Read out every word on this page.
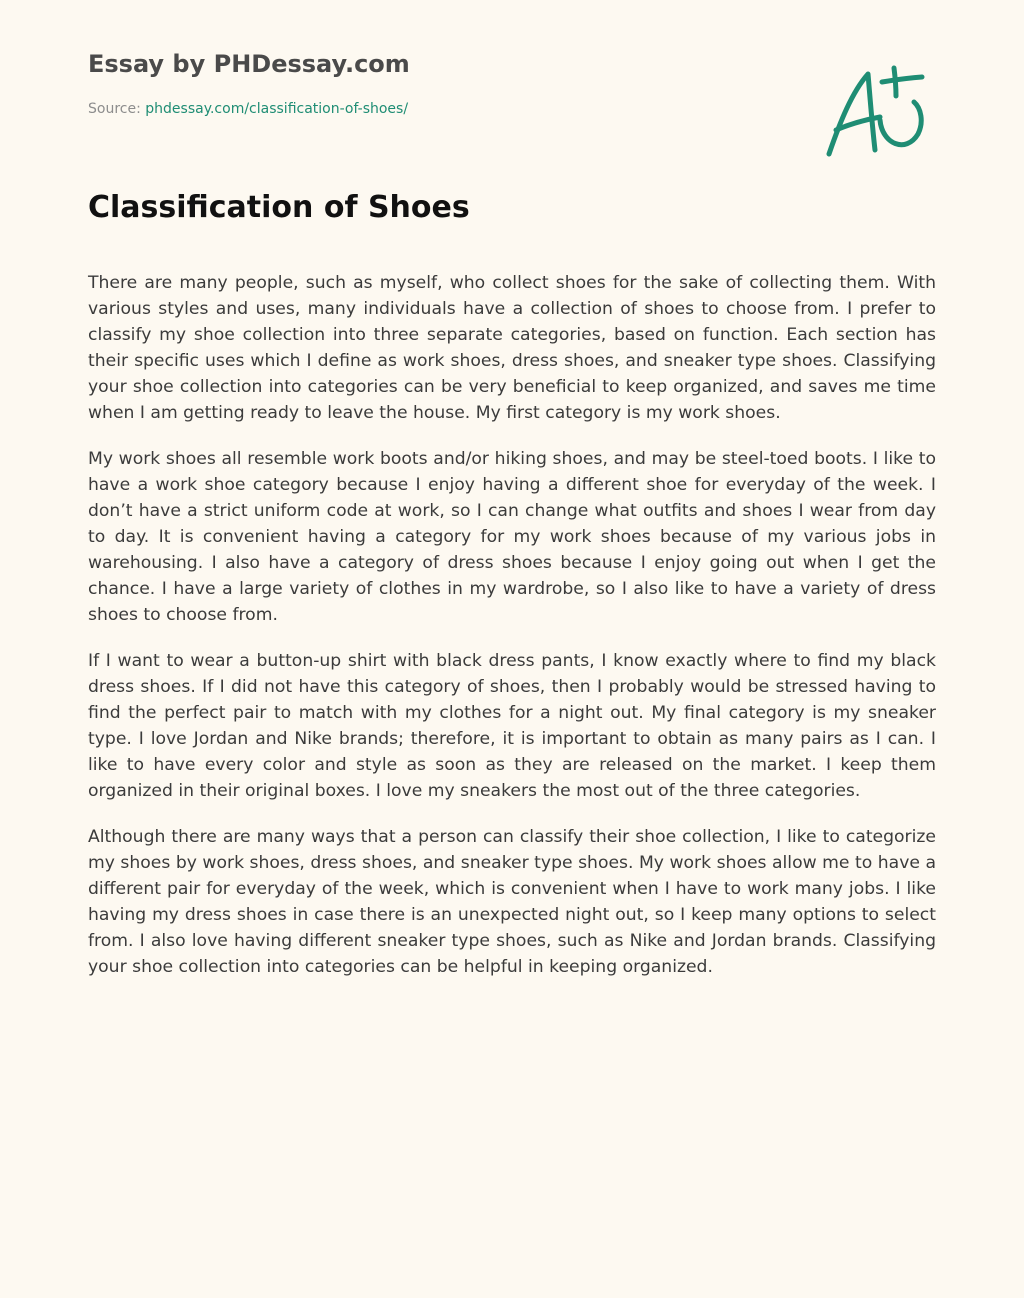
Essay by PHDessay.com

Source: phdessay.com/classification-of-shoes/

Classification of Shoes

There are many people, such as myself, who collect shoes for the sake of collecting them. With various styles and uses, many individuals have a collection of shoes to choose from. I prefer to classify my shoe collection into three separate categories, based on function. Each section has their specific uses which I define as work shoes, dress shoes, and sneaker type shoes. Classifying your shoe collection into categories can be very beneficial to keep organized, and saves me time when I am getting ready to leave the house. My first category is my work shoes.

My work shoes all resemble work boots and/or hiking shoes, and may be steel-toed boots. I like to have a work shoe category because I enjoy having a different shoe for everyday of the week. I don’t have a strict uniform code at work, so I can change what outfits and shoes I wear from day to day. It is convenient having a category for my work shoes because of my various jobs in warehousing. I also have a category of dress shoes because I enjoy going out when I get the chance. I have a large variety of clothes in my wardrobe, so I also like to have a variety of dress shoes to choose from.

If I want to wear a button-up shirt with black dress pants, I know exactly where to find my black dress shoes. If I did not have this category of shoes, then I probably would be stressed having to find the perfect pair to match with my clothes for a night out. My final category is my sneaker type. I love Jordan and Nike brands; therefore, it is important to obtain as many pairs as I can. I like to have every color and style as soon as they are released on the market. I keep them organized in their original boxes. I love my sneakers the most out of the three categories.

Although there are many ways that a person can classify their shoe collection, I like to categorize my shoes by work shoes, dress shoes, and sneaker type shoes. My work shoes allow me to have a different pair for everyday of the week, which is convenient when I have to work many jobs. I like having my dress shoes in case there is an unexpected night out, so I keep many options to select from. I also love having different sneaker type shoes, such as Nike and Jordan brands. Classifying your shoe collection into categories can be helpful in keeping organized.
